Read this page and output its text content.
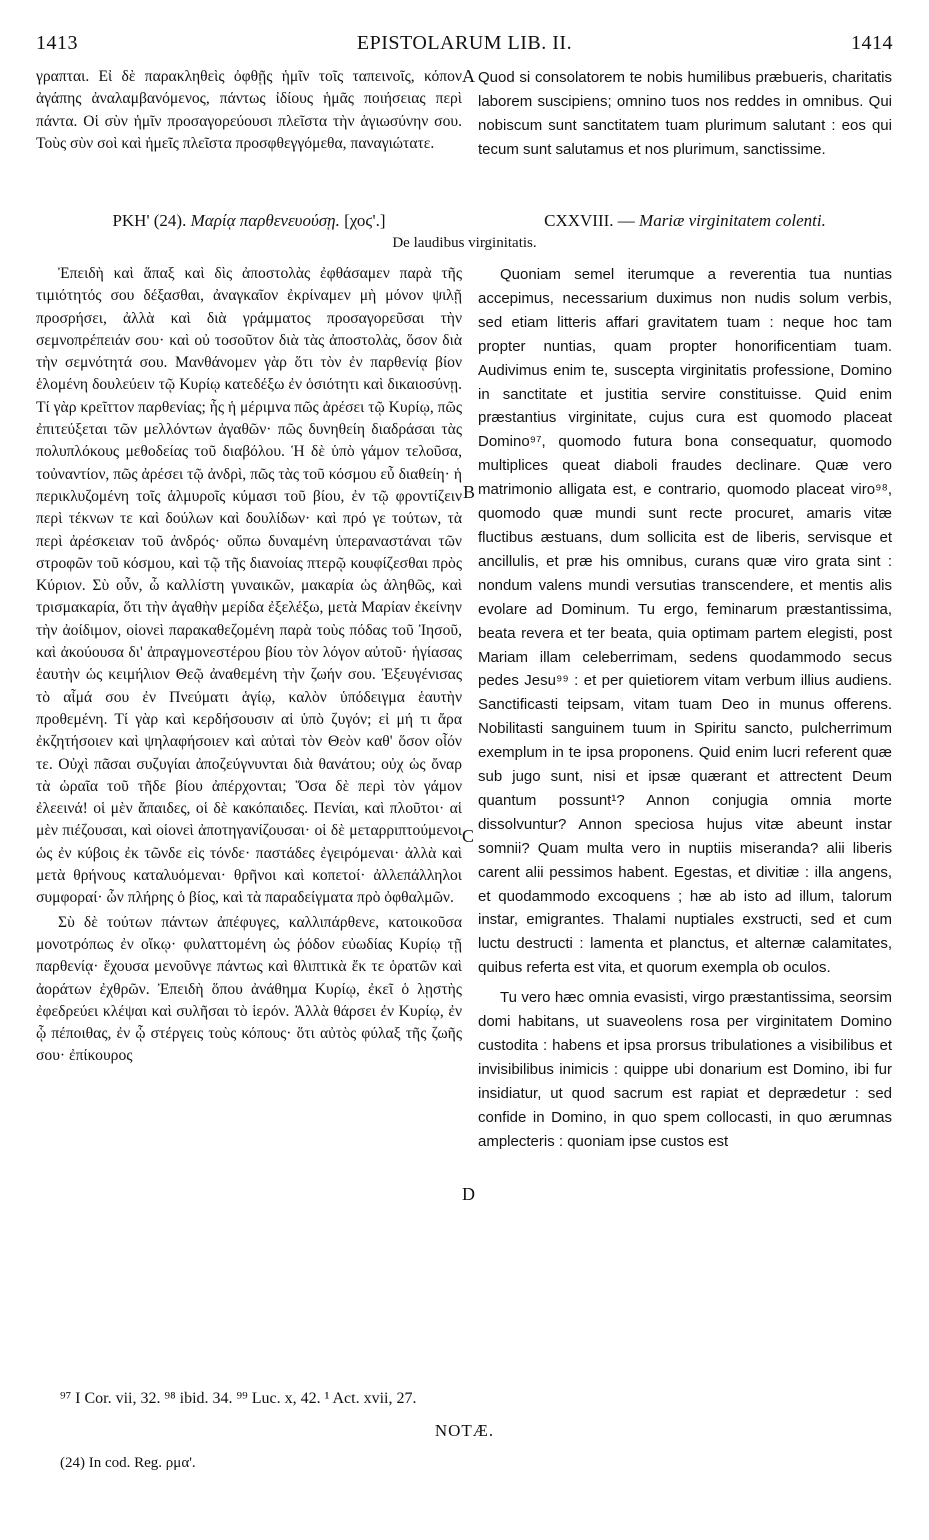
1413	EPISTOLARUM LIB. II.	1414

γραπται. Εἰ δὲ παρακληθεὶς ὀφθῇς ἡμῖν τοῖς ταπεινοῖς, κόπον ἀγάπης ἀναλαμβανόμενος, πάντως ἰδίους ἡμᾶς ποιήσειας περὶ πάντα. Οἱ σὺν ἡμῖν προσαγορεύουσι πλεῖστα τὴν ἁγιωσύνην σου. Τοὺς σὺν σοὶ καὶ ἡμεῖς πλεῖστα προσφθεγγόμεθα, παναγιώτατε.

Quod si consolatorem te nobis humilibus præbueris, charitatis laborem suscipiens; omnino tuos nos reddes in omnibus. Qui nobiscum sunt sanctitatem tuam plurimum salutant : eos qui tecum sunt salutamus et nos plurimum, sanctissime.

A
ΡΚΗ' (24). Μαρίᾳ παρθενευούσῃ. [χοϛ'.]	CXXVIII. — Mariæ virginitatem colenti.
De laudibus virginitatis.

Ἐπειδὴ καὶ ἅπαξ καὶ δὶς ἀποστολὰς ἐφθάσαμεν παρὰ τῆς τιμιότητός σου δέξασθαι, ἀναγκαῖον ἐκρίναμεν μὴ μόνον ψιλῇ προσρήσει, ἀλλὰ καὶ διὰ γράμματος προσαγορεῦσαι τὴν σεμνοπρέπειάν σου· καὶ οὐ τοσοῦτον διὰ τὰς ἀποστολὰς, ὅσον διὰ τὴν σεμνότητά σου. Μανθάνομεν γὰρ ὅτι τὸν ἐν παρθενίᾳ βίον ἑλομένη δουλεύειν τῷ Κυρίῳ κατεδέξω ἐν ὁσιότητι καὶ δικαιοσύνῃ. Τί γὰρ κρεῖττον παρθενίας; ἧς ἡ μέριμνα πῶς ἀρέσει τῷ Κυρίῳ, πῶς ἐπιτεύξεται τῶν μελλόντων ἀγαθῶν· πῶς δυνηθείη διαδράσαι τὰς πολυπλόκους μεθοδείας τοῦ διαβόλου. Ἡ δὲ ὑπὸ γάμον τελοῦσα, τοὐναντίον, πῶς ἀρέσει τῷ ἀνδρὶ, πῶς τὰς τοῦ κόσμου εὖ διαθείη· ἡ περικλυζομένη τοῖς ἁλμυροῖς κύμασι τοῦ βίου, ἐν τῷ φροντίζειν περὶ τέκνων τε καὶ δούλων καὶ δουλίδων· καὶ πρό γε τούτων, τὰ περὶ ἀρέσκειαν τοῦ ἀνδρός· οὔπω δυναμένη ὑπεραναστάναι τῶν στροφῶν τοῦ κόσμου, καὶ τῷ τῆς διανοίας πτερῷ κουφίζεσθαι πρὸς Κύριον. Σὺ οὖν, ὦ καλλίστη γυναικῶν, μακαρία ὡς ἀληθῶς, καὶ τρισμακαρία, ὅτι τὴν ἀγαθὴν μερίδα ἐξελέξω, μετὰ Μαρίαν ἐκείνην τὴν ἀοίδιμον, οἱονεὶ παρακαθεζομένη παρὰ τοὺς πόδας τοῦ Ἰησοῦ, καὶ ἀκούουσα δι' ἀπραγμονεστέρου βίου τὸν λόγον αὐτοῦ· ἡγίασας ἑαυτὴν ὡς κειμήλιον Θεῷ ἀναθεμένη τὴν ζωήν σου. Ἐξευγένισας τὸ αἷμά σου ἐν Πνεύματι ἁγίῳ, καλὸν ὑπόδειγμα ἑαυτὴν προθεμένη. Τί γὰρ καὶ κερδήσουσιν αἱ ὑπὸ ζυγόν; εἰ μή τι ἄρα ἐκζητήσοιεν καὶ ψηλαφήσοιεν καὶ αὐταὶ τὸν Θεὸν καθ' ὅσον οἷόν τε. Οὐχὶ πᾶσαι συζυγίαι ἀποζεύγνυνται διὰ θανάτου; οὐχ ὡς ὄναρ τὰ ὡραῖα τοῦ τῆδε βίου ἀπέρχονται; Ὅσα δὲ περὶ τὸν γάμον ἐλεεινά! οἱ μὲν ἄπαιδες, οἱ δὲ κακόπαιδες. Πενίαι, καὶ πλοῦτοι· αἱ μὲν πιέζουσαι, καὶ οἱονεὶ ἀποτηγανίζουσαι· οἱ δὲ μεταρριπτούμενοι ὡς ἐν κύβοις ἐκ τῶνδε εἰς τόνδε· παστάδες ἐγειρόμεναι· ἀλλὰ καὶ μετὰ θρήνους καταλυόμεναι· θρῆνοι καὶ κοπετοί· ἀλλεπάλληλοι συμφοραί· ὧν πλήρης ὁ βίος, καὶ τὰ παραδείγματα πρὸ ὀφθαλμῶν.

Σὺ δὲ τούτων πάντων ἀπέφυγες, καλλιπάρθενε, κατοικοῦσα μονοτρόπως ἐν οἴκῳ· φυλαττομένη ὡς ῥόδον εὐωδίας Κυρίῳ τῇ παρθενίᾳ· ἔχουσα μενοῦνγε πάντως καὶ θλιπτικὰ ἔκ τε ὁρατῶν καὶ ἀοράτων ἐχθρῶν. Ἐπειδὴ ὅπου ἀνάθημα Κυρίῳ, ἐκεῖ ὁ λῃστὴς ἐφεδρεύει κλέψαι καὶ συλῆσαι τὸ ἱερόν. Ἀλλὰ θάρσει ἐν Κυρίῳ, ἐν ᾧ πέποιθας, ἐν ᾧ στέργεις τοὺς κόπους· ὅτι αὐτὸς φύλαξ τῆς ζωῆς σου· ἐπίκουρος

Quoniam semel iterumque a reverentia tua nuntias accepimus, necessarium duximus non nudis solum verbis, sed etiam litteris affari gravitatem tuam : neque hoc tam propter nuntias, quam propter honorificentiam tuam. Audivimus enim te, suscepta virginitatis professione, Domino in sanctitate et justitia servire constituisse. Quid enim præstantius virginitate, cujus cura est quomodo placeat Domino⁹⁷, quomodo futura bona consequatur, quomodo multiplices queat diaboli fraudes declinare. Quæ vero matrimonio alligata est, e contrario, quomodo placeat viro⁹⁸, quomodo quæ mundi sunt recte procuret, amaris vitæ fluctibus æstuans, dum sollicita est de liberis, servisque et ancillulis, et præ his omnibus, curans quæ viro grata sint : nondum valens mundi versutias transcendere, et mentis alis evolare ad Dominum. Tu ergo, feminarum præstantissima, beata revera et ter beata, quia optimam partem elegisti, post Mariam illam celeberrimam, sedens quodammodo secus pedes Jesu⁹⁹ : et per quietiorem vitam verbum illius audiens. Sanctificasti teipsam, vitam tuam Deo in munus offerens. Nobilitasti sanguinem tuum in Spiritu sancto, pulcherrimum exemplum in te ipsa proponens. Quid enim lucri referent quæ sub jugo sunt, nisi et ipsæ quærant et attrectent Deum quantum possunt¹? Annon conjugia omnia morte dissolvuntur? Annon speciosa hujus vitæ abeunt instar somnii? Quam multa vero in nuptiis miseranda? alii liberis carent alii pessimos habent. Egestas, et divitiæ : illa angens, et quodammodo excoquens ; hæ ab isto ad illum, talorum instar, emigrantes. Thalami nuptiales exstructi, sed et cum luctu destructi : lamenta et planctus, et alternæ calamitates, quibus referta est vita, et quorum exempla ob oculos.

Tu vero hæc omnia evasisti, virgo præstantissima, seorsim domi habitans, ut suaveolens rosa per virginitatem Domino custodita : habens et ipsa prorsus tribulationes a visibilibus et invisibilibus inimicis : quippe ubi donarium est Domino, ibi fur insidiatur, ut quod sacrum est rapiat et deprædetur : sed confide in Domino, in quo spem collocasti, in quo ærumnas amplecteris : quoniam ipse custos est

B
C
D
⁹⁷ I Cor. vii, 32. ⁹⁸ ibid. 34. ⁹⁹ Luc. x, 42. ¹ Act. xvii, 27.
NOTÆ.
(24) In cod. Reg. ρμα'.
